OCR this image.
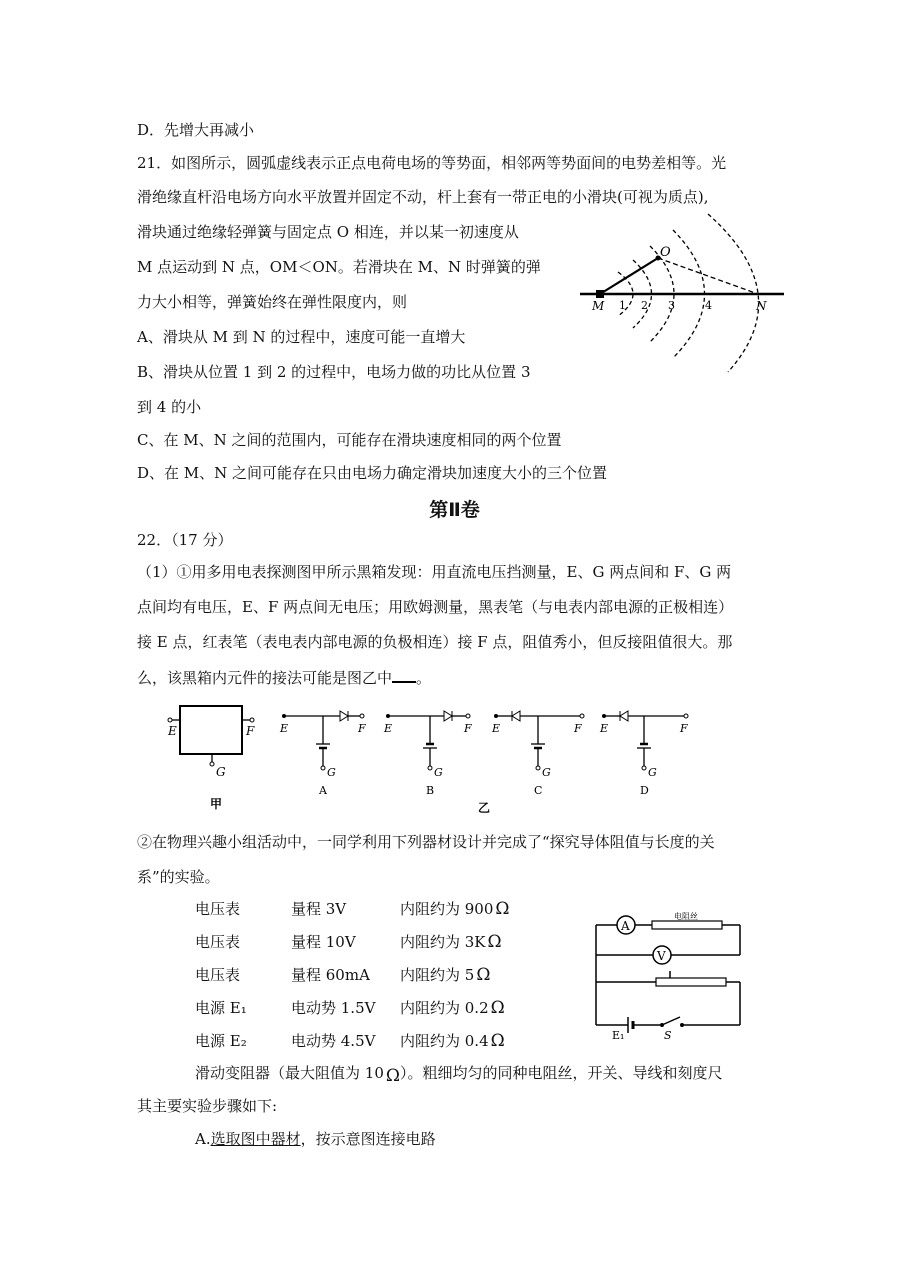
D．先增大再减小
21．如图所示，圆弧虚线表示正点电荷电场的等势面，相邻两等势面间的电势差相等。光
滑绝缘直杆沿电场方向水平放置并固定不动，杆上套有一带正电的小滑块(可视为质点),
滑块通过绝缘轻弹簧与固定点 O 相连，并以某一初速度从
M 点运动到 N 点，OM＜ON。若滑块在 M、N 时弹簧的弹
力大小相等，弹簧始终在弹性限度内，则
A、滑块从 M 到 N 的过程中，速度可能一直增大
B、滑块从位置 1 到 2 的过程中，电场力做的功比从位置 3
到 4 的小
C、在 M、N 之间的范围内，可能存在滑块速度相同的两个位置
D、在 M、N 之间可能存在只由电场力确定滑块加速度大小的三个位置
O
M	N
1 2 3	4
第Ⅱ卷
22．（17 分）
（1）①用多用电表探测图甲所示黑箱发现：用直流电压挡测量，E、G 两点间和 F、G 两
点间均有电压，E、F 两点间无电压；用欧姆测量，黑表笔（与电表内部电源的正极相连）
接 E 点，红表笔（表电表内部电源的负极相连）接 F 点，阻值秀小，但反接阻值很大。那
么，该黑箱内元件的接法可能是图乙中 。
E	F
G
甲
E	F
G
A
E	F
G
B
E	F
G
C
E	F
G
D
乙
②在物理兴趣小组活动中，一同学利用下列器材设计并完成了“探究导体阻值与长度的关
系”的实验。
电压表	量程 3V	内阻约为 900 Ω
电压表	量程 10V	内阻约为 3K Ω
电压表	量程 60mA 内阻约为 5 Ω
电源 E₁	电动势 1.5V 内阻约为 0.2 Ω
电源 E₂	电动势 4.5V 内阻约为 0.4 Ω
A
电阻丝
V
E₁	S
滑动变阻器（最大阻值为 10 Ω）。粗细均匀的同种电阻丝，开关、导线和刻度尺
其主要实验步骤如下:
A.选取图中器材，按示意图连接电路
